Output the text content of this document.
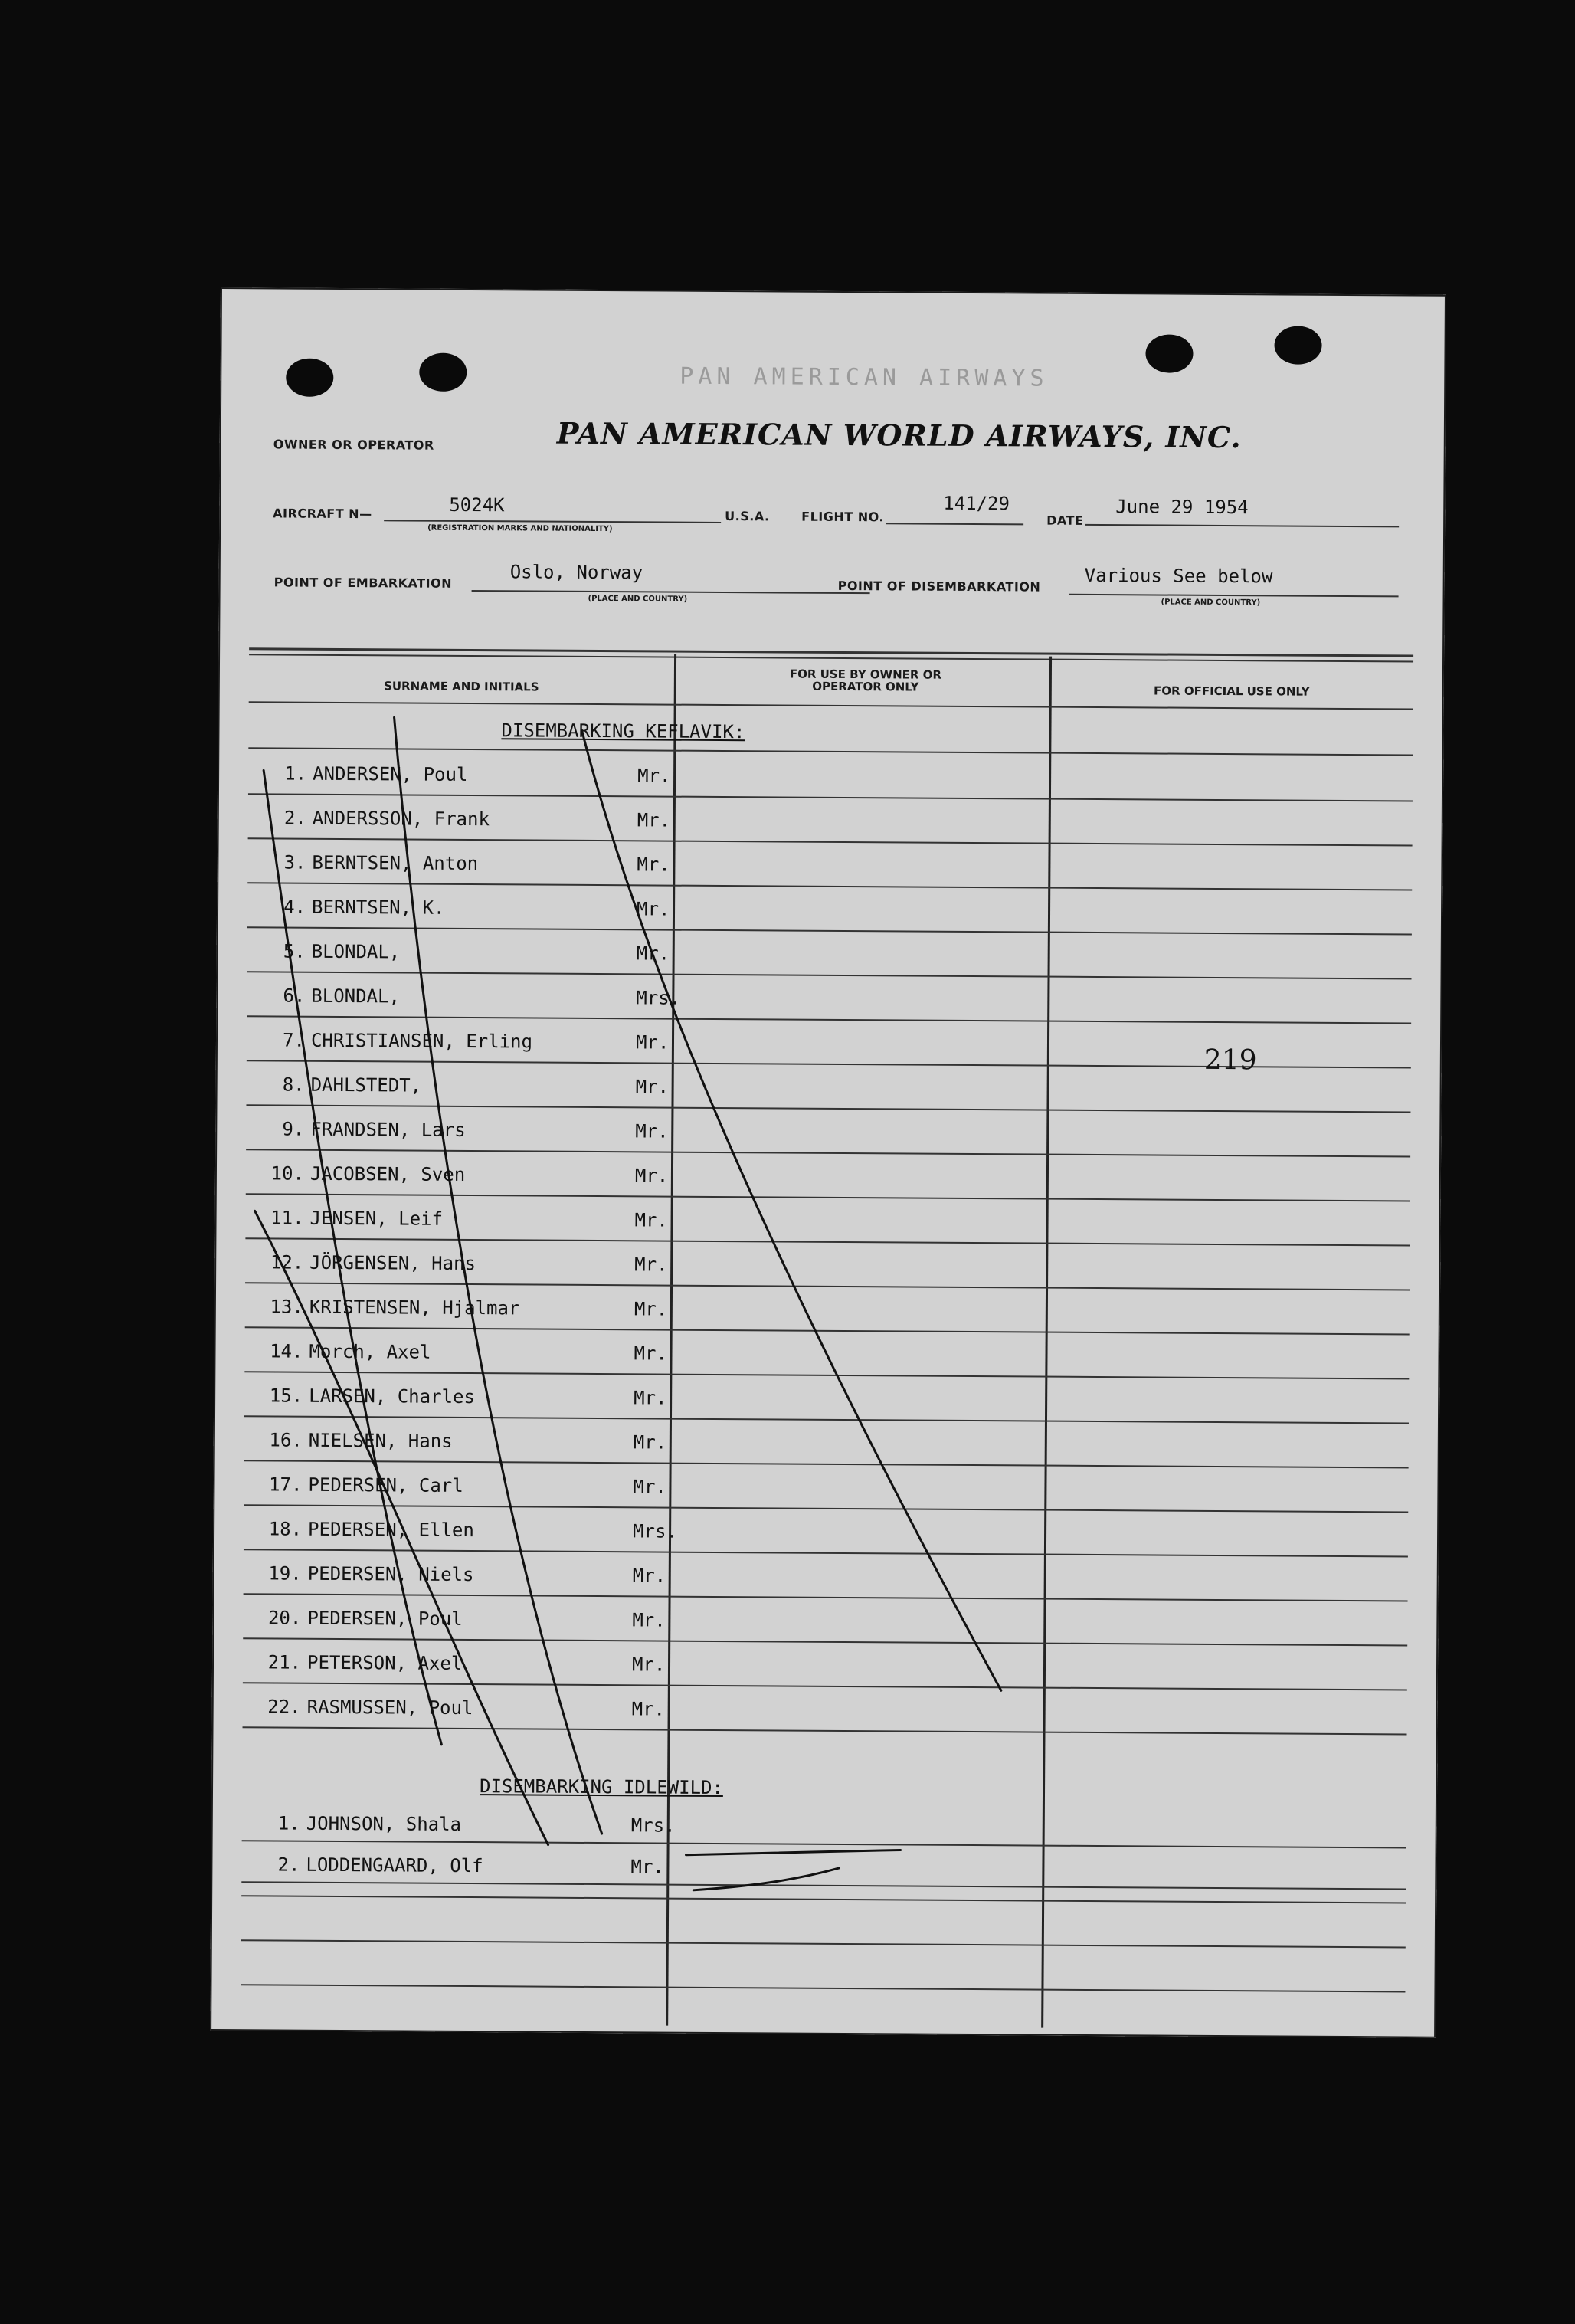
PAN AMERICAN AIRWAYS
OWNER OR OPERATOR	PAN AMERICAN WORLD AIRWAYS, INC.
AIRCRAFT N—	5024K
(REGISTRATION MARKS AND NATIONALITY)
U.S.A.	FLIGHT NO.
141/29
DATE
June 29 1954
POINT OF EMBARKATION	Oslo, Norway
(PLACE AND COUNTRY)
POINT OF DISEMBARKATION Various See below
(PLACE AND COUNTRY)
SURNAME AND INITIALS
FOR USE BY OWNER OR OPERATOR ONLY	FOR OFFICIAL USE ONLY
DISEMBARKING KEFLAVIK:
1. ANDERSEN, Poul	Mr.
2. ANDERSSON, Frank	Mr.
3. BERNTSEN, Anton	Mr.
4. BERNTSEN, K.	Mr.
5. BLONDAL,	Mr.
6. BLONDAL,	Mrs.
7. CHRISTIANSEN, Erling	Mr.
8. DAHLSTEDT,	Mr.
9. FRANDSEN, Lars	Mr.
10. JACOBSEN, Sven	Mr.
11. JENSEN, Leif	Mr.
12. JÖRGENSEN, Hans	Mr.
13. KRISTENSEN, Hjalmar	Mr.
14. Morch, Axel	Mr.
15. LARSEN, Charles	Mr.
16. NIELSEN, Hans	Mr.
17. PEDERSEN, Carl	Mr.
18. PEDERSEN, Ellen	Mrs.
19. PEDERSEN, Niels	Mr.
20. PEDERSEN, Poul	Mr.
21. PETERSON, Axel	Mr.
22. RASMUSSEN, Poul	Mr.
219
DISEMBARKING IDLEWILD:
1. JOHNSON, Shala	Mrs.
2. LODDENGAARD, Olf	Mr.
